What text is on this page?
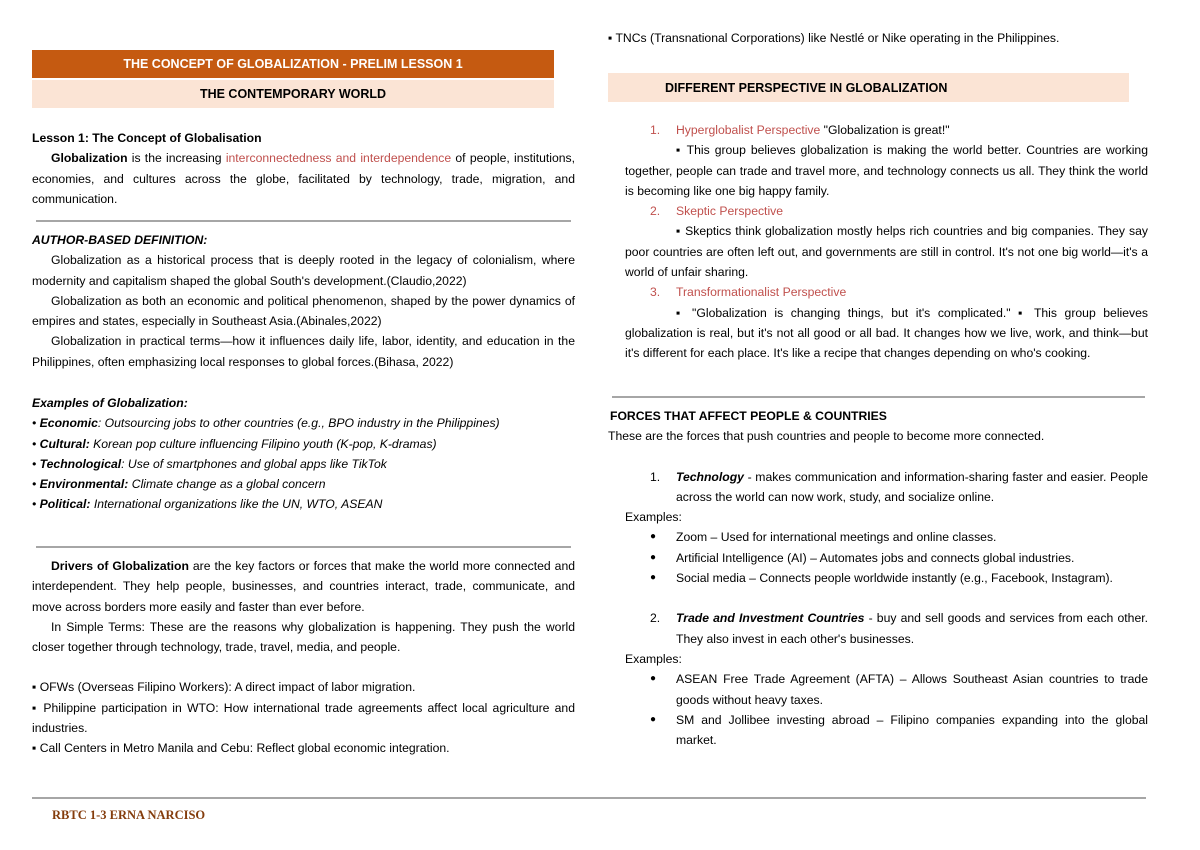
THE CONCEPT OF GLOBALIZATION - PRELIM LESSON 1
THE CONTEMPORARY WORLD

Lesson 1: The Concept of Globalisation

Globalization is the increasing interconnectedness and interdependence of people, institutions, economies, and cultures across the globe, facilitated by technology, trade, migration, and communication.

AUTHOR-BASED DEFINITION:

Globalization as a historical process that is deeply rooted in the legacy of colonialism, where modernity and capitalism shaped the global South's development.(Claudio,2022)

Globalization as both an economic and political phenomenon, shaped by the power dynamics of empires and states, especially in Southeast Asia.(Abinales,2022)

Globalization in practical terms—how it influences daily life, labor, identity, and education in the Philippines, often emphasizing local responses to global forces.(Bihasa, 2022)

Examples of Globalization:

• Economic: Outsourcing jobs to other countries (e.g., BPO industry in the Philippines)

• Cultural: Korean pop culture influencing Filipino youth (K-pop, K-dramas)

• Technological: Use of smartphones and global apps like TikTok

• Environmental: Climate change as a global concern

• Political: International organizations like the UN, WTO, ASEAN

Drivers of Globalization are the key factors or forces that make the world more connected and interdependent. They help people, businesses, and countries interact, trade, communicate, and move across borders more easily and faster than ever before.

In Simple Terms: These are the reasons why globalization is happening. They push the world closer together through technology, trade, travel, media, and people.

▪ OFWs (Overseas Filipino Workers): A direct impact of labor migration.

▪ Philippine participation in WTO: How international trade agreements affect local agriculture and industries.

▪ Call Centers in Metro Manila and Cebu: Reflect global economic integration.

▪ TNCs (Transnational Corporations) like Nestlé or Nike operating in the Philippines.
DIFFERENT PERSPECTIVE IN GLOBALIZATION

1. Hyperglobalist Perspective "Globalization is great!"

▪ This group believes globalization is making the world better. Countries are working together, people can trade and travel more, and technology connects us all. They think the world is becoming like one big happy family.

2. Skeptic Perspective

▪ Skeptics think globalization mostly helps rich countries and big companies. They say poor countries are often left out, and governments are still in control. It's not one big world—it's a world of unfair sharing.

3. Transformationalist Perspective

▪ "Globalization is changing things, but it's complicated." ▪ This group believes globalization is real, but it's not all good or all bad. It changes how we live, work, and think—but it's different for each place. It's like a recipe that changes depending on who's cooking.

FORCES THAT AFFECT PEOPLE & COUNTRIES

These are the forces that push countries and people to become more connected.

1. Technology - makes communication and information-sharing faster and easier. People across the world can now work, study, and socialize online.

Examples:

● Zoom – Used for international meetings and online classes.

● Artificial Intelligence (AI) – Automates jobs and connects global industries.

● Social media – Connects people worldwide instantly (e.g., Facebook, Instagram).

2. Trade and Investment Countries - buy and sell goods and services from each other. They also invest in each other's businesses.

Examples:

● ASEAN Free Trade Agreement (AFTA) – Allows Southeast Asian countries to trade goods without heavy taxes.

● SM and Jollibee investing abroad – Filipino companies expanding into the global market.

RBTC 1-3 ERNA NARCISO
